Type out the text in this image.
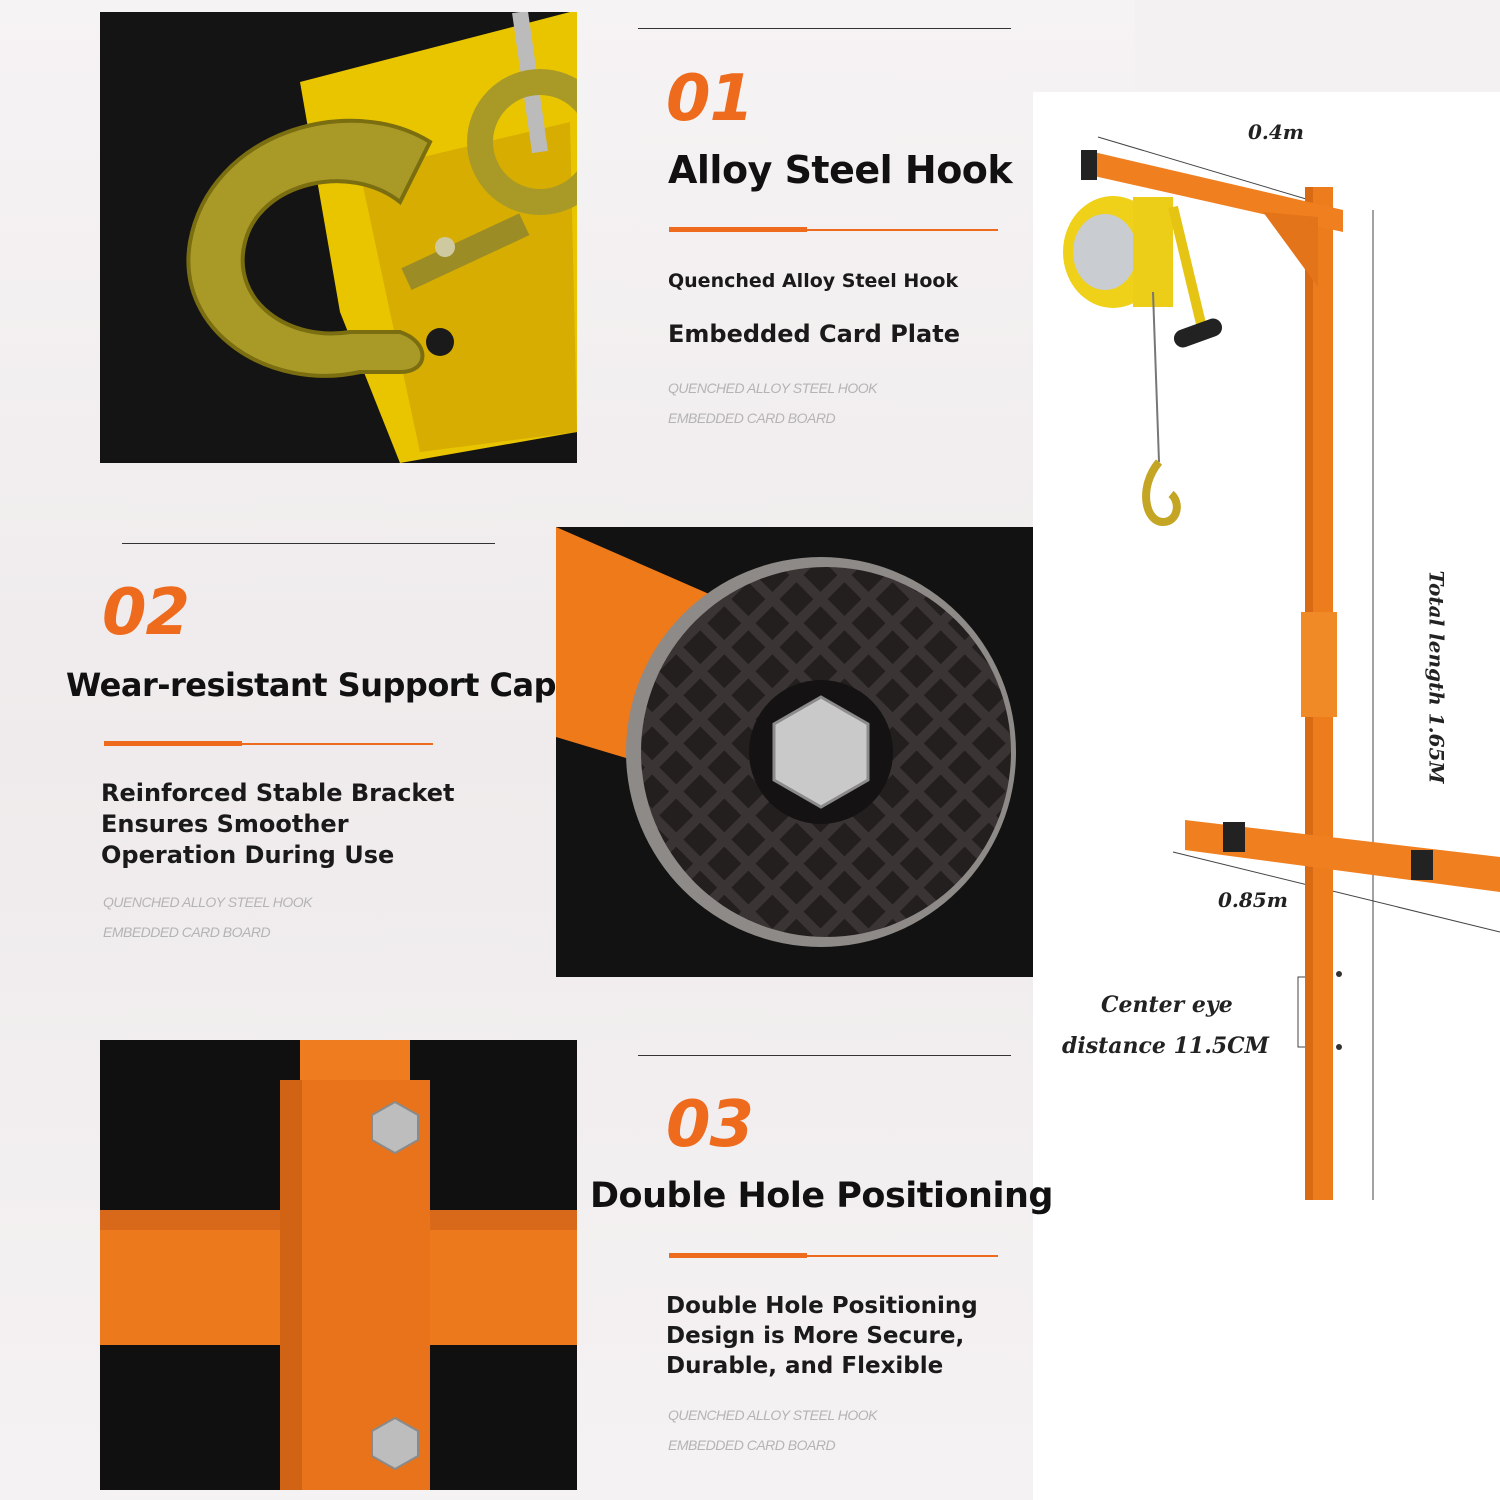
01
Alloy Steel Hook
Quenched Alloy Steel Hook
Embedded Card Plate
QUENCHED ALLOY STEEL HOOK
EMBEDDED CARD BOARD
02
Wear-resistant Support Cap
Reinforced Stable Bracket
Ensures Smoother
Operation During Use
QUENCHED ALLOY STEEL HOOK
EMBEDDED CARD BOARD
03
Double Hole Positioning
Double Hole Positioning
Design is More Secure,
Durable, and Flexible
QUENCHED ALLOY STEEL HOOK
EMBEDDED CARD BOARD
0.4m
Total length 1.65M
0.85m
Center eye
distance 11.5CM
